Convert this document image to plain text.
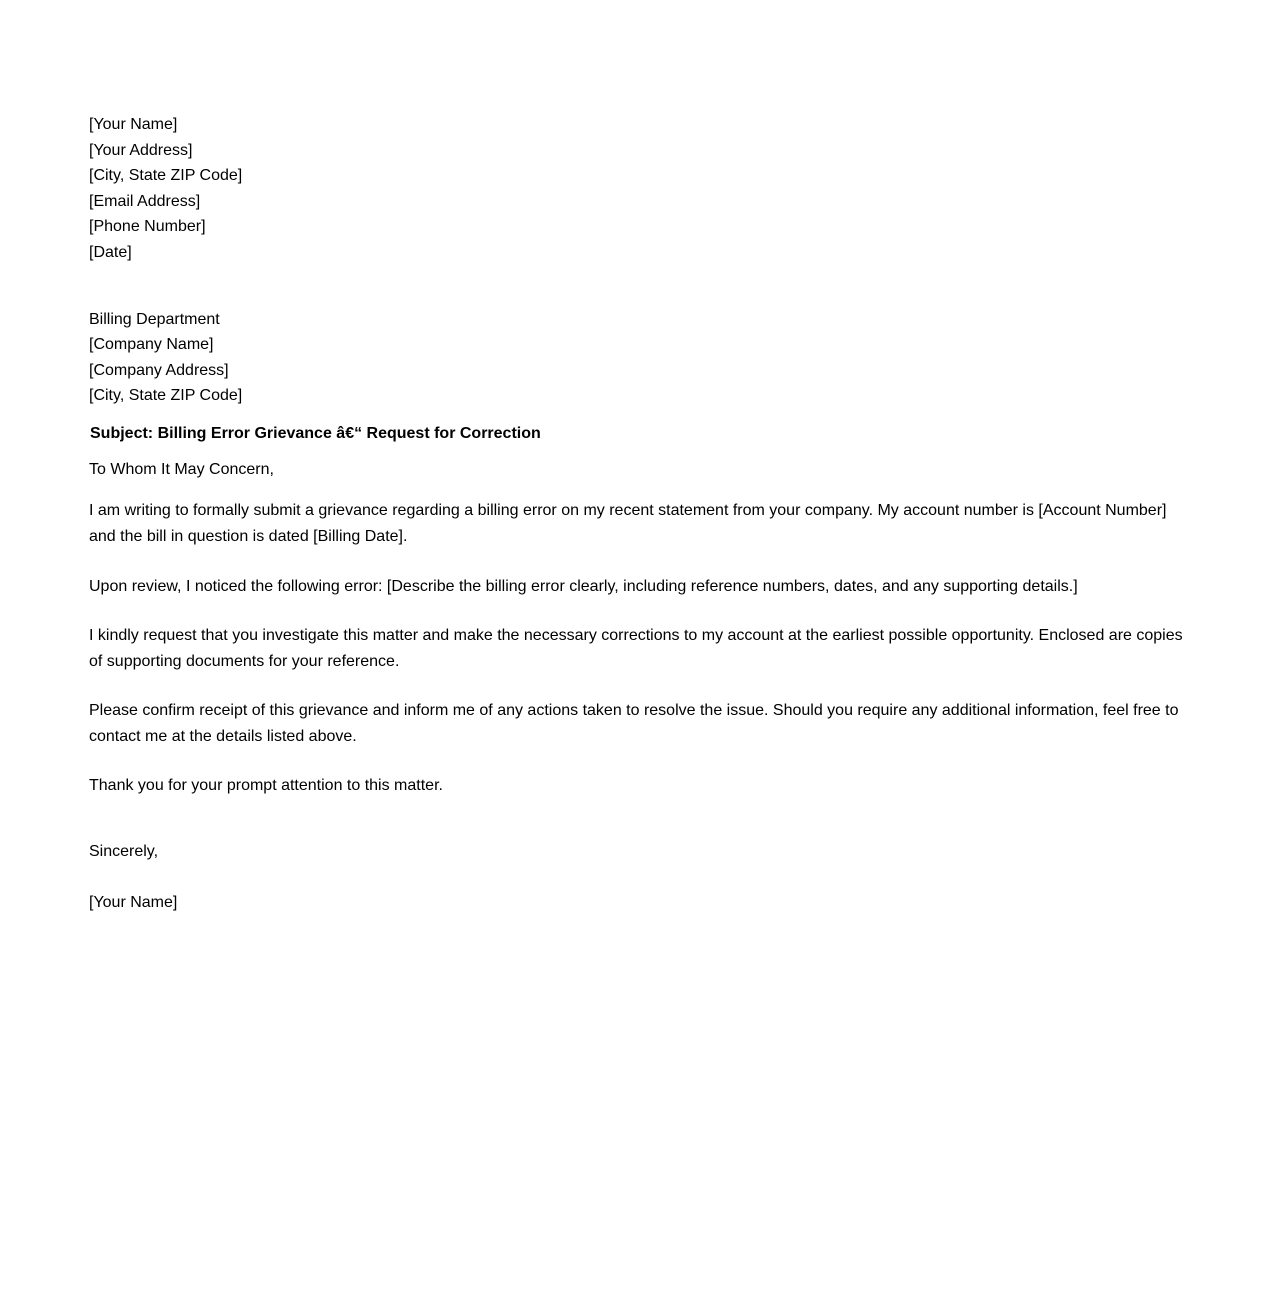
[Your Name]
[Your Address]
[City, State ZIP Code]
[Email Address]
[Phone Number]
[Date]
Billing Department
[Company Name]
[Company Address]
[City, State ZIP Code]
Subject: Billing Error Grievance â€“ Request for Correction
To Whom It May Concern,

I am writing to formally submit a grievance regarding a billing error on my recent statement from your company. My account number is [Account Number] and the bill in question is dated [Billing Date].

Upon review, I noticed the following error: [Describe the billing error clearly, including reference numbers, dates, and any supporting details.]

I kindly request that you investigate this matter and make the necessary corrections to my account at the earliest possible opportunity. Enclosed are copies of supporting documents for your reference.

Please confirm receipt of this grievance and inform me of any actions taken to resolve the issue. Should you require any additional information, feel free to contact me at the details listed above.

Thank you for your prompt attention to this matter.

Sincerely,
[Your Name]
